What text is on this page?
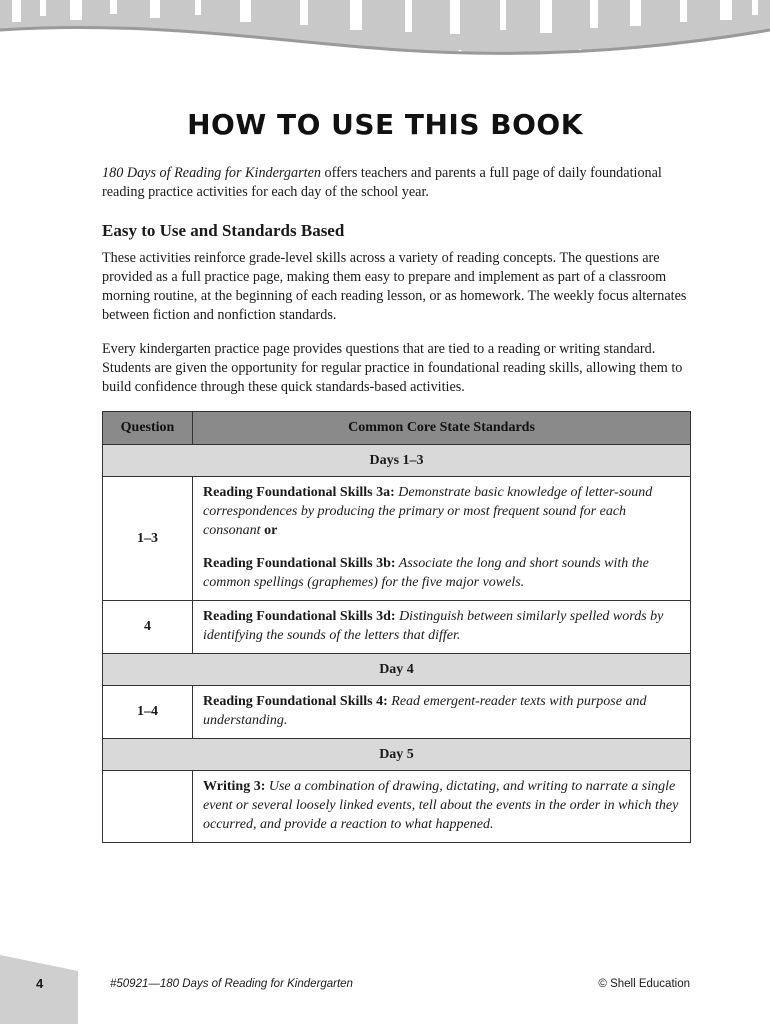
HOW TO USE THIS BOOK
180 Days of Reading for Kindergarten offers teachers and parents a full page of daily foundational reading practice activities for each day of the school year.
Easy to Use and Standards Based
These activities reinforce grade-level skills across a variety of reading concepts. The questions are provided as a full practice page, making them easy to prepare and implement as part of a classroom morning routine, at the beginning of each reading lesson, or as homework. The weekly focus alternates between fiction and nonfiction standards.
Every kindergarten practice page provides questions that are tied to a reading or writing standard. Students are given the opportunity for regular practice in foundational reading skills, allowing them to build confidence through these quick standards-based activities.
Question	Common Core State Standards
Days 1–3	
1–3	Reading Foundational Skills 3a: Demonstrate basic knowledge of letter-sound correspondences by producing the primary or most frequent sound for each consonant or

Reading Foundational Skills 3b: Associate the long and short sounds with the common spellings (graphemes) for the five major vowels.

4	Reading Foundational Skills 3d: Distinguish between similarly spelled words by identifying the sounds of the letters that differ.

Day 4	
1–4	Reading Foundational Skills 4: Read emergent-reader texts with purpose and understanding.

Day 5	

	Writing 3: Use a combination of drawing, dictating, and writing to narrate a single event or several loosely linked events, tell about the events in the order in which they occurred, and provide a reaction to what happened.

4	#50921—180 Days of Reading for Kindergarten	© Shell Education
